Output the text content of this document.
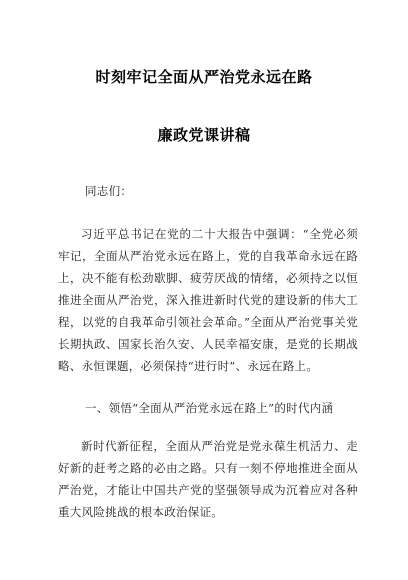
时刻牢记全面从严治党永远在路
廉政党课讲稿
同志们：
习近平总书记在党的二十大报告中强调：“全党必须牢记，全面从严治党永远在路上，党的自我革命永远在路上，决不能有松劲歇脚、疲劳厌战的情绪，必须持之以恒推进全面从严治党，深入推进新时代党的建设新的伟大工程，以党的自我革命引领社会革命。”全面从严治党事关党长期执政、国家长治久安、人民幸福安康，是党的长期战略、永恒课题，必须保持“进行时”、永远在路上。
一、领悟“全面从严治党永远在路上”的时代内涵
新时代新征程，全面从严治党是党永葆生机活力、走好新的赶考之路的必由之路。只有一刻不停地推进全面从严治党，才能让中国共产党的坚强领导成为沉着应对各种重大风险挑战的根本政治保证。
